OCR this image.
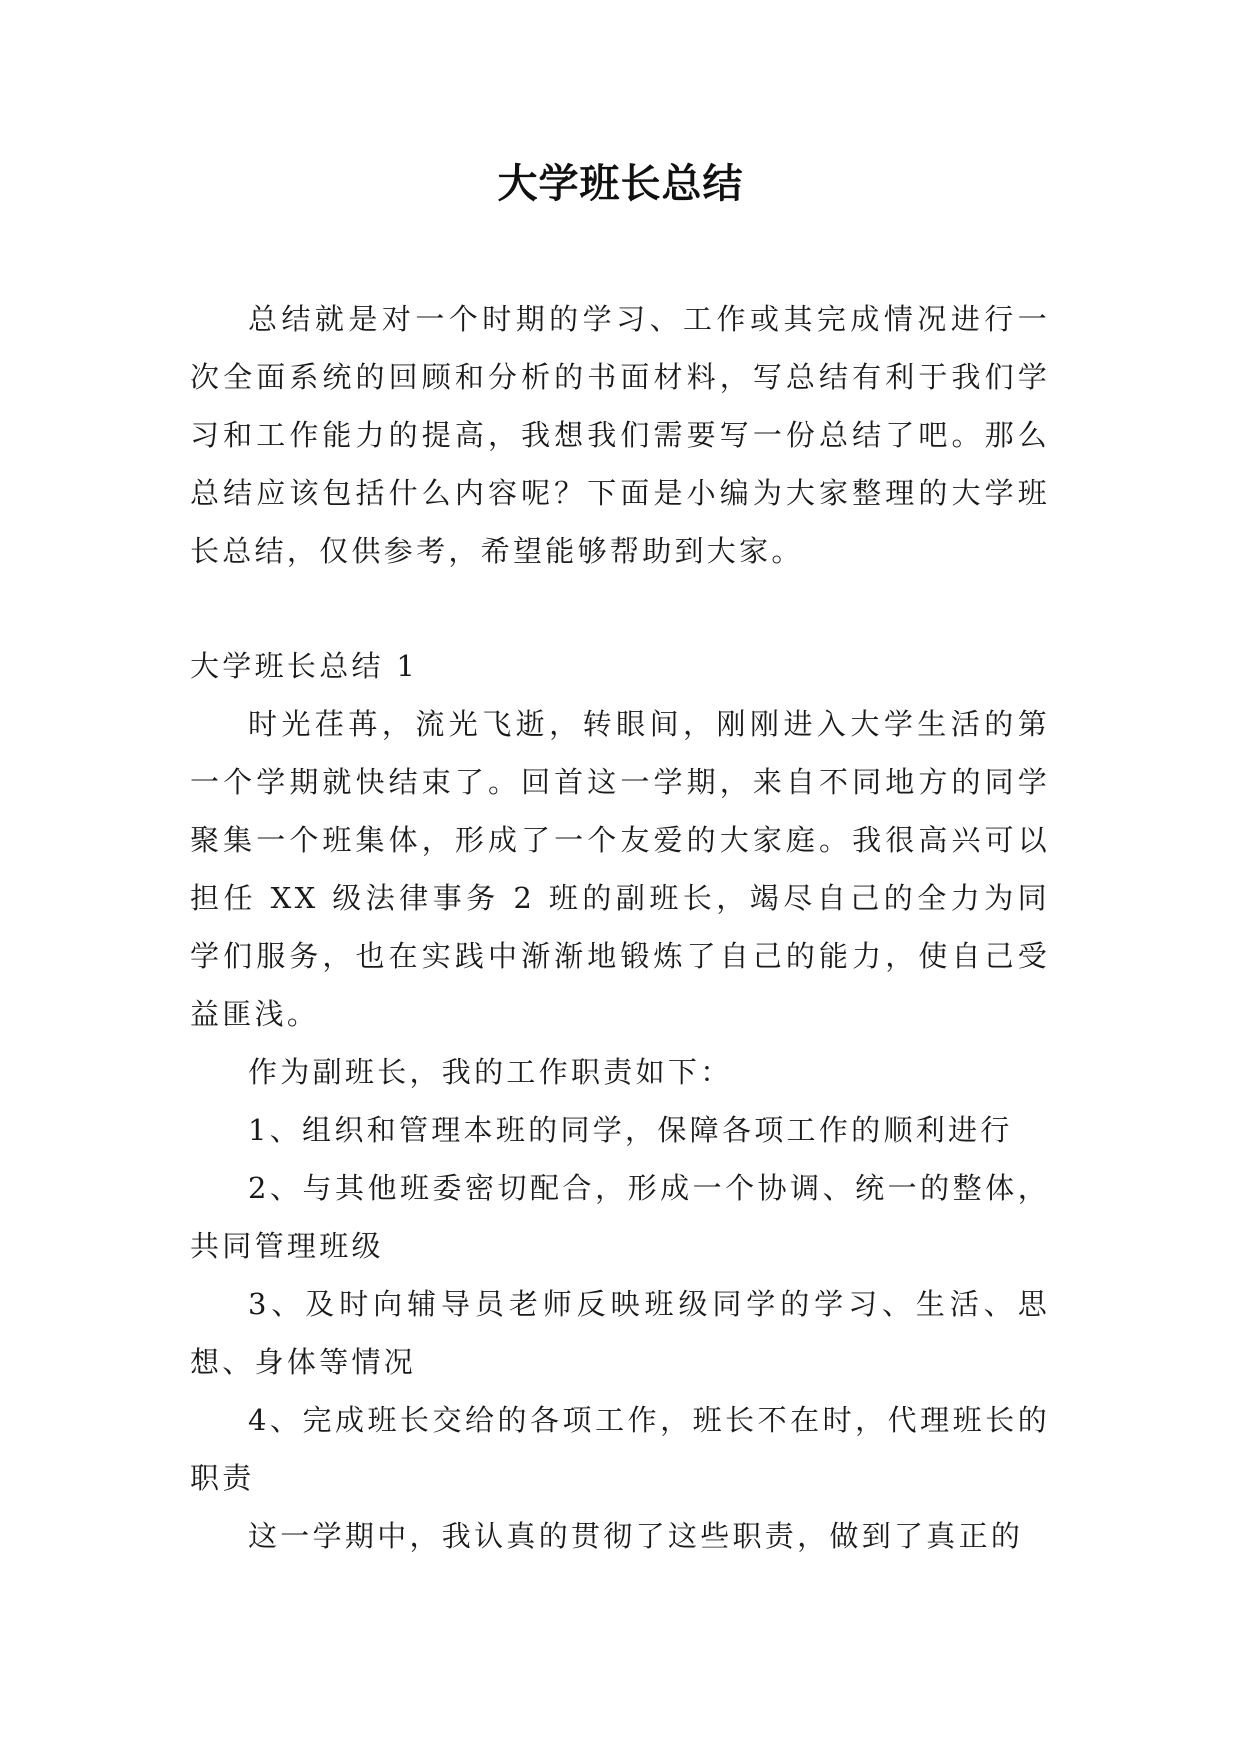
大学班长总结

总结就是对一个时期的学习、工作或其完成情况进行一次全面系统的回顾和分析的书面材料，写总结有利于我们学习和工作能力的提高，我想我们需要写一份总结了吧。那么总结应该包括什么内容呢？下面是小编为大家整理的大学班长总结，仅供参考，希望能够帮助到大家。

大学班长总结 1

时光荏苒，流光飞逝，转眼间，刚刚进入大学生活的第一个学期就快结束了。回首这一学期，来自不同地方的同学聚集一个班集体，形成了一个友爱的大家庭。我很高兴可以担任 XX 级法律事务 2 班的副班长，竭尽自己的全力为同学们服务，也在实践中渐渐地锻炼了自己的能力，使自己受益匪浅。

作为副班长，我的工作职责如下：

1、组织和管理本班的同学，保障各项工作的顺利进行

2、与其他班委密切配合，形成一个协调、统一的整体，共同管理班级

3、及时向辅导员老师反映班级同学的学习、生活、思想、身体等情况

4、完成班长交给的各项工作，班长不在时，代理班长的职责

这一学期中，我认真的贯彻了这些职责，做到了真正的
